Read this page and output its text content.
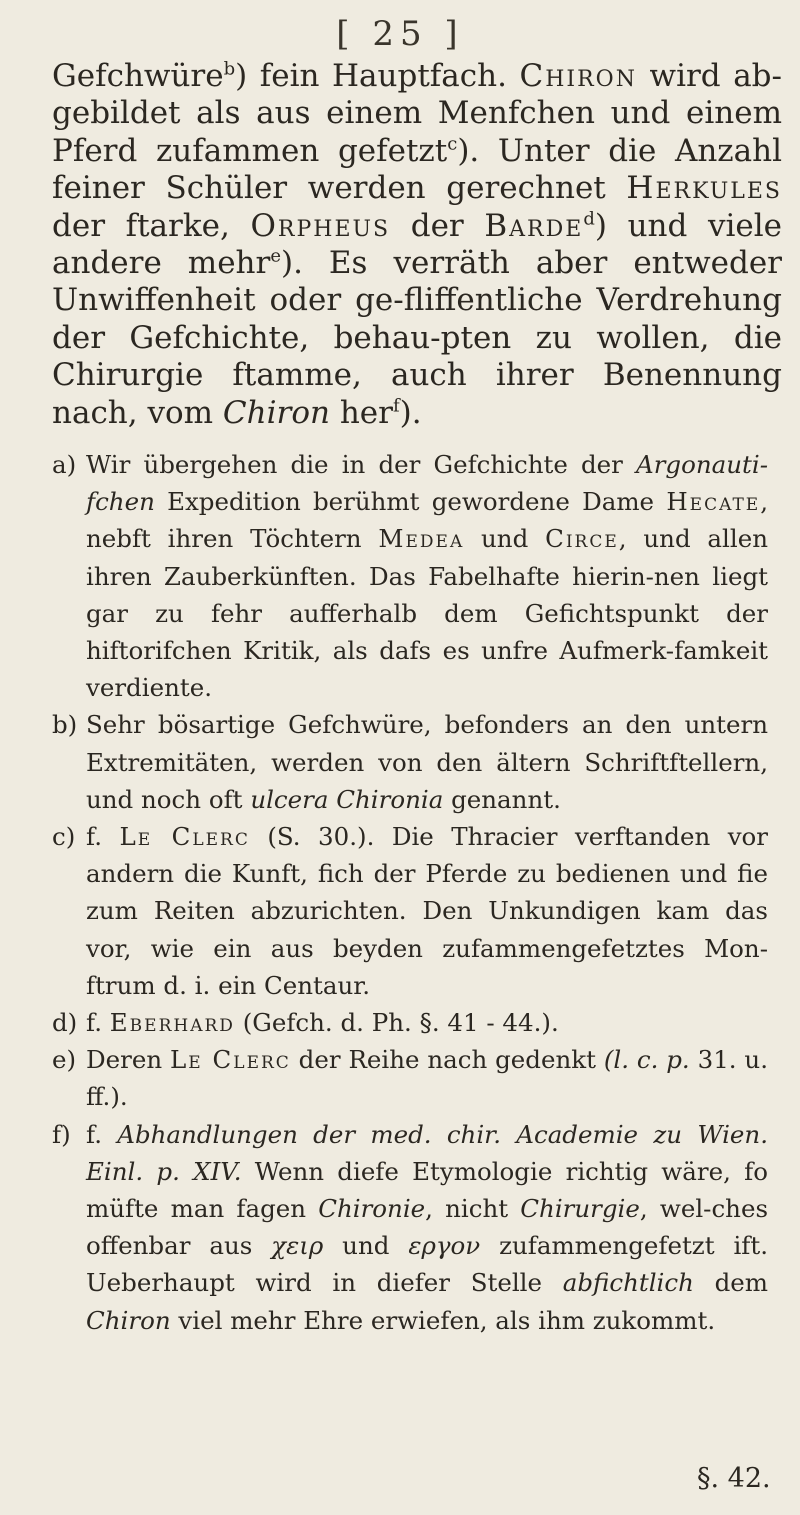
[ 25 ]

Gefchwüre$^b$) fein Hauptfach. Chiron wird ab-gebildet als aus einem Menfchen und einem Pferd zufammen gefetzt$^c$). Unter die Anzahl feiner Schüler werden gerechnet Herkules der ftarke, Orpheus der Barde$^d$) und viele andere mehr$^e$). Es verräth aber entweder Unwiffenheit oder ge-fliffentliche Verdrehung der Gefchichte, behau-pten zu wollen, die Chirurgie ftamme, auch ihrer Benennung nach, vom Chiron her$^f$).

a) Wir übergehen die in der Gefchichte der Argonauti-fchen Expedition berühmt gewordene Dame Hecate, nebft ihren Töchtern Medea und Circe, und allen ihren Zauberkünften. Das Fabelhafte hierin-nen liegt gar zu fehr aufferhalb dem Gefichtspunkt der hiftorifchen Kritik, als dafs es unfre Aufmerk-famkeit verdiente.
b) Sehr bösartige Gefchwüre, befonders an den untern Extremitäten, werden von den ältern Schriftftellern, und noch oft ulcera Chironia genannt.
c) f. Le Clerc (S. 30.). Die Thracier verftanden vor andern die Kunft, fich der Pferde zu bedienen und fie zum Reiten abzurichten. Den Unkundigen kam das vor, wie ein aus beyden zufammengefetztes Mon-ftrum d. i. ein Centaur.
d) f. Eberhard (Gefch. d. Ph. §. 41 - 44.).
e) Deren Le Clerc der Reihe nach gedenkt (l. c. p. 31. u. ff.).
f) f. Abhandlungen der med. chir. Academie zu Wien. Einl. p. XIV. Wenn diefe Etymologie richtig wäre, fo müfte man fagen Chironie, nicht Chirurgie, wel-ches offenbar aus χειρ und εργον zufammengefetzt ift. Ueberhaupt wird in diefer Stelle abfichtlich dem Chiron viel mehr Ehre erwiefen, als ihm zukommt.
§. 42.
